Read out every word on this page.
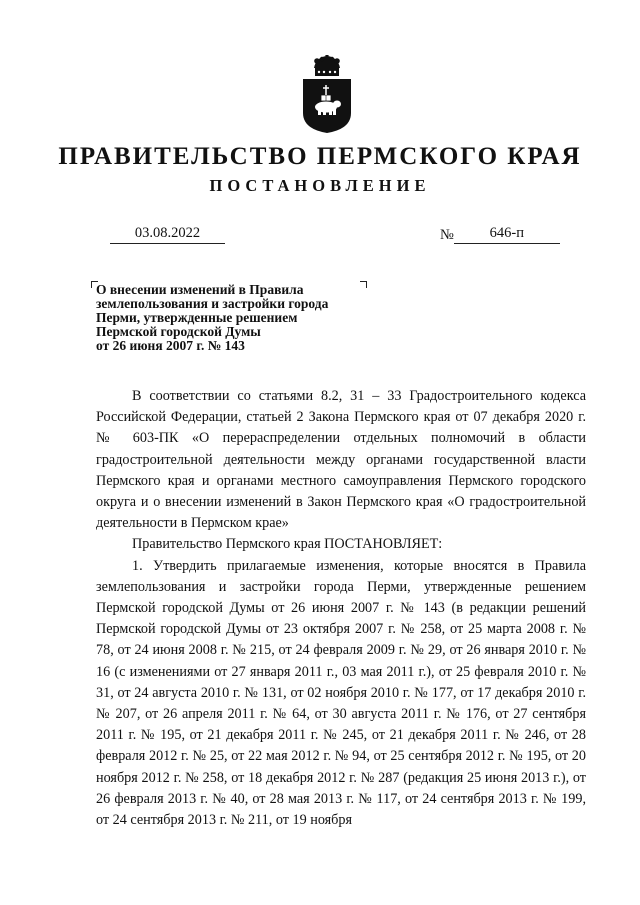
ПРАВИТЕЛЬСТВО ПЕРМСКОГО КРАЯ
ПОСТАНОВЛЕНИЕ
03.08.2022	№ 646-п
О внесении изменений в Правила
землепользования и застройки города
Перми, утвержденные решением
Пермской городской Думы
от 26 июня 2007 г. № 143

В соответствии со статьями 8.2, 31 – 33 Градостроительного кодекса Российской Федерации, статьей 2 Закона Пермского края от 07 декабря 2020 г. № 603-ПК «О перераспределении отдельных полномочий в области градостроительной деятельности между органами государственной власти Пермского края и органами местного самоуправления Пермского городского округа и о внесении изменений в Закон Пермского края «О градостроительной деятельности в Пермском крае»

Правительство Пермского края ПОСТАНОВЛЯЕТ:

1. Утвердить прилагаемые изменения, которые вносятся в Правила землепользования и застройки города Перми, утвержденные решением Пермской городской Думы от 26 июня 2007 г. № 143 (в редакции решений Пермской городской Думы от 23 октября 2007 г. № 258, от 25 марта 2008 г. № 78, от 24 июня 2008 г. № 215, от 24 февраля 2009 г. № 29, от 26 января 2010 г. № 16 (с изменениями от 27 января 2011 г., 03 мая 2011 г.), от 25 февраля 2010 г. № 31, от 24 августа 2010 г. № 131, от 02 ноября 2010 г. № 177, от 17 декабря 2010 г. № 207, от 26 апреля 2011 г. № 64, от 30 августа 2011 г. № 176, от 27 сентября 2011 г. № 195, от 21 декабря 2011 г. № 245, от 21 декабря 2011 г. № 246, от 28 февраля 2012 г. № 25, от 22 мая 2012 г. № 94, от 25 сентября 2012 г. № 195, от 20 ноября 2012 г. № 258, от 18 декабря 2012 г. № 287 (редакция 25 июня 2013 г.), от 26 февраля 2013 г. № 40, от 28 мая 2013 г. № 117, от 24 сентября 2013 г. № 199, от 24 сентября 2013 г. № 211, от 19 ноября
